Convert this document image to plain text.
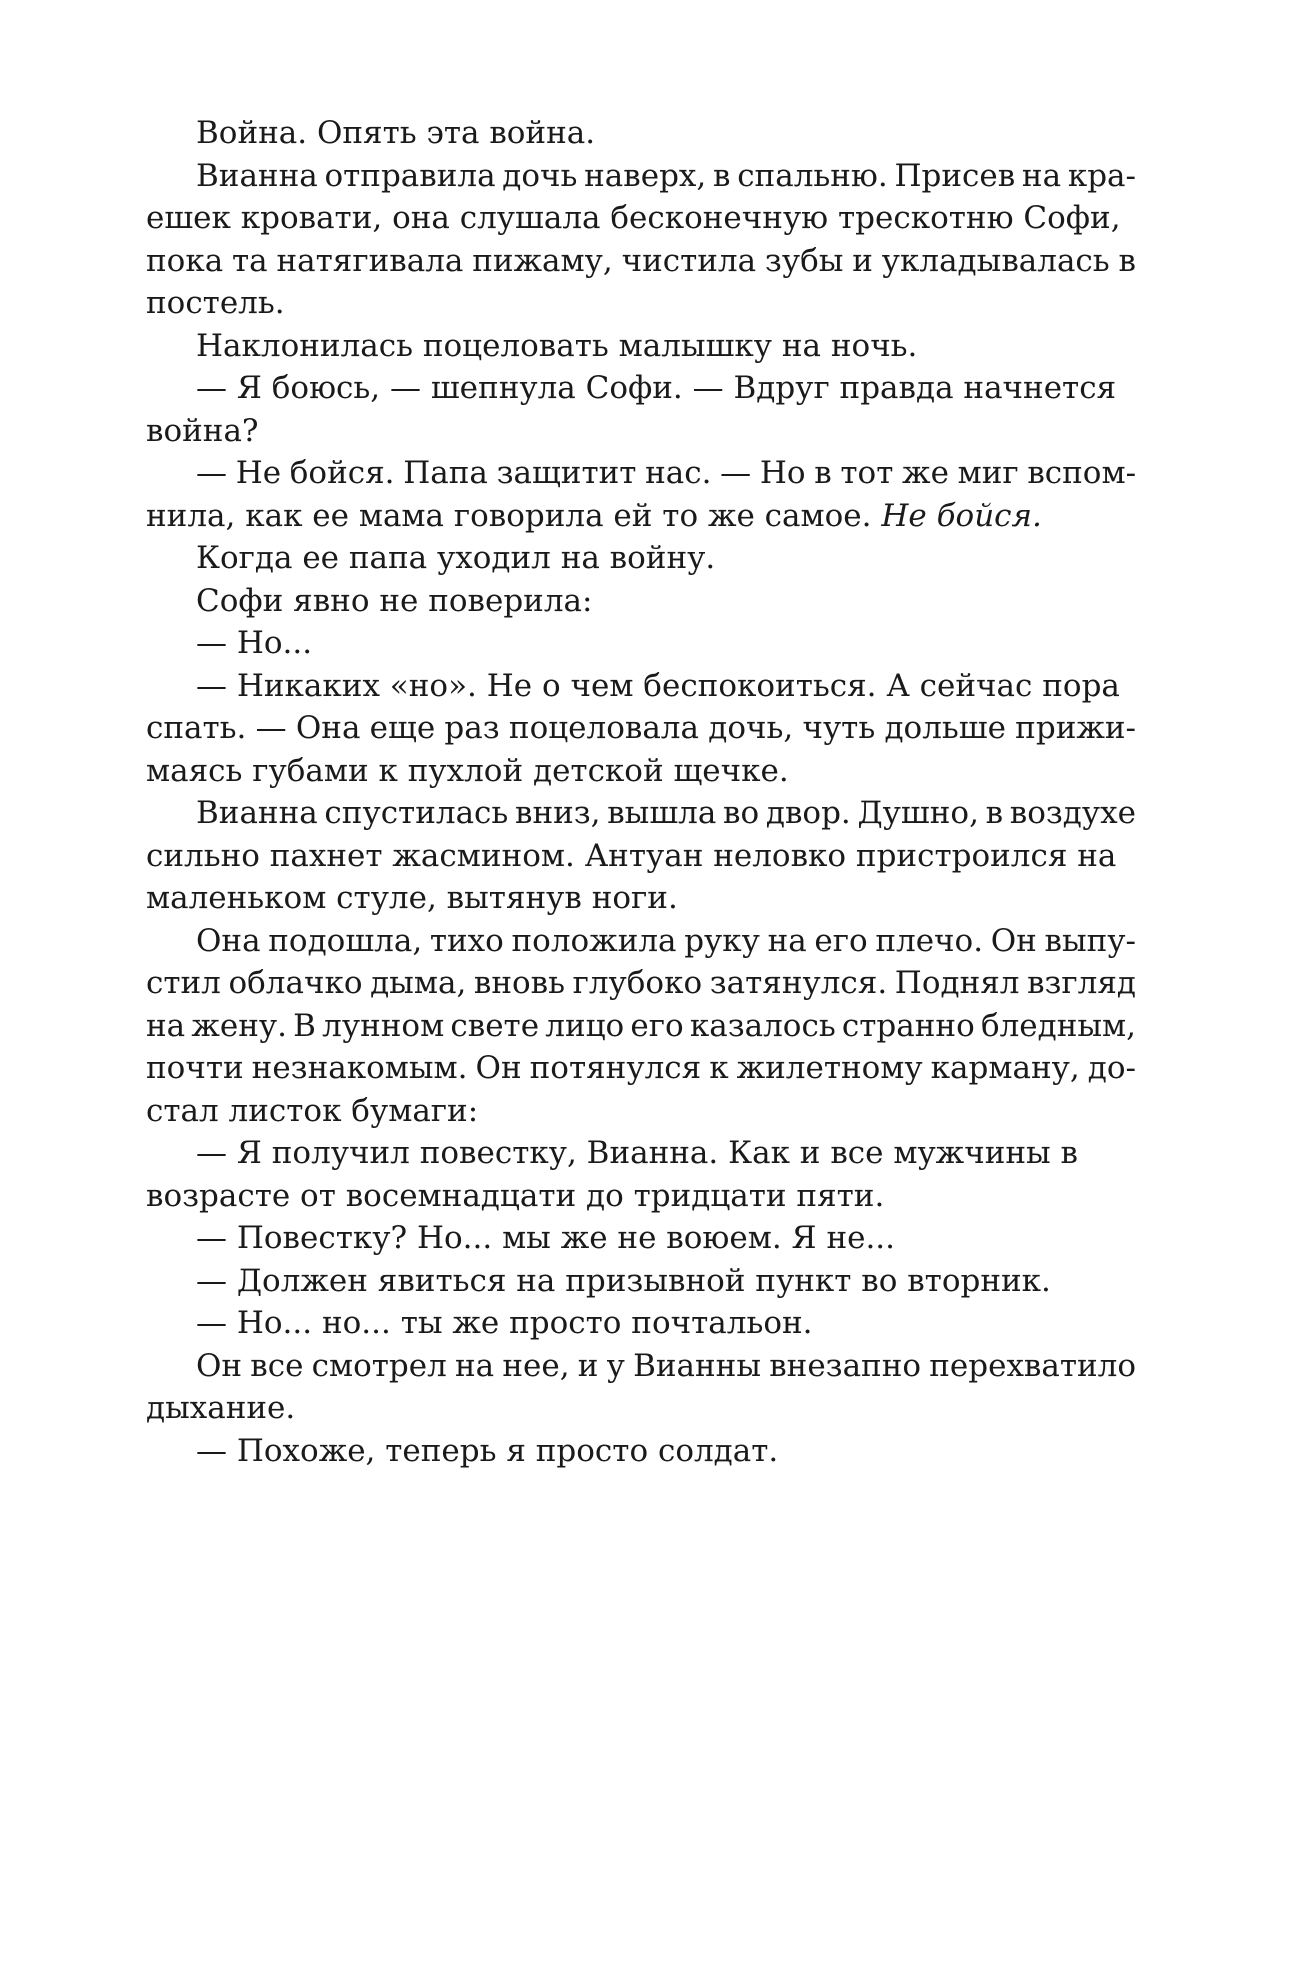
Война. Опять эта война.
Вианна отправила дочь наверх, в спальню. Присев на кра-
ешек кровати, она слушала бесконечную трескотню Софи,
пока та натягивала пижаму, чистила зубы и укладывалась в
постель.
Наклонилась поцеловать малышку на ночь.
— Я боюсь, — шепнула Софи. — Вдруг правда начнется
война?
— Не бойся. Папа защитит нас. — Но в тот же миг вспом-
нила, как ее мама говорила ей то же самое. Не бойся.
Когда ее папа уходил на войну.
Софи явно не поверила:
— Но...
— Никаких «но». Не о чем беспокоиться. А сейчас пора
спать. — Она еще раз поцеловала дочь, чуть дольше прижи-
маясь губами к пухлой детской щечке.
Вианна спустилась вниз, вышла во двор. Душно, в воздухе
сильно пахнет жасмином. Антуан неловко пристроился на
маленьком стуле, вытянув ноги.
Она подошла, тихо положила руку на его плечо. Он выпу-
стил облачко дыма, вновь глубоко затянулся. Поднял взгляд
на жену. В лунном свете лицо его казалось странно бледным,
почти незнакомым. Он потянулся к жилетному карману, до-
стал листок бумаги:
— Я получил повестку, Вианна. Как и все мужчины в
возрасте от восемнадцати до тридцати пяти.
— Повестку? Но... мы же не воюем. Я не...
— Должен явиться на призывной пункт во вторник.
— Но... но... ты же просто почтальон.
Он все смотрел на нее, и у Вианны внезапно перехватило
дыхание.
— Похоже, теперь я просто солдат.
